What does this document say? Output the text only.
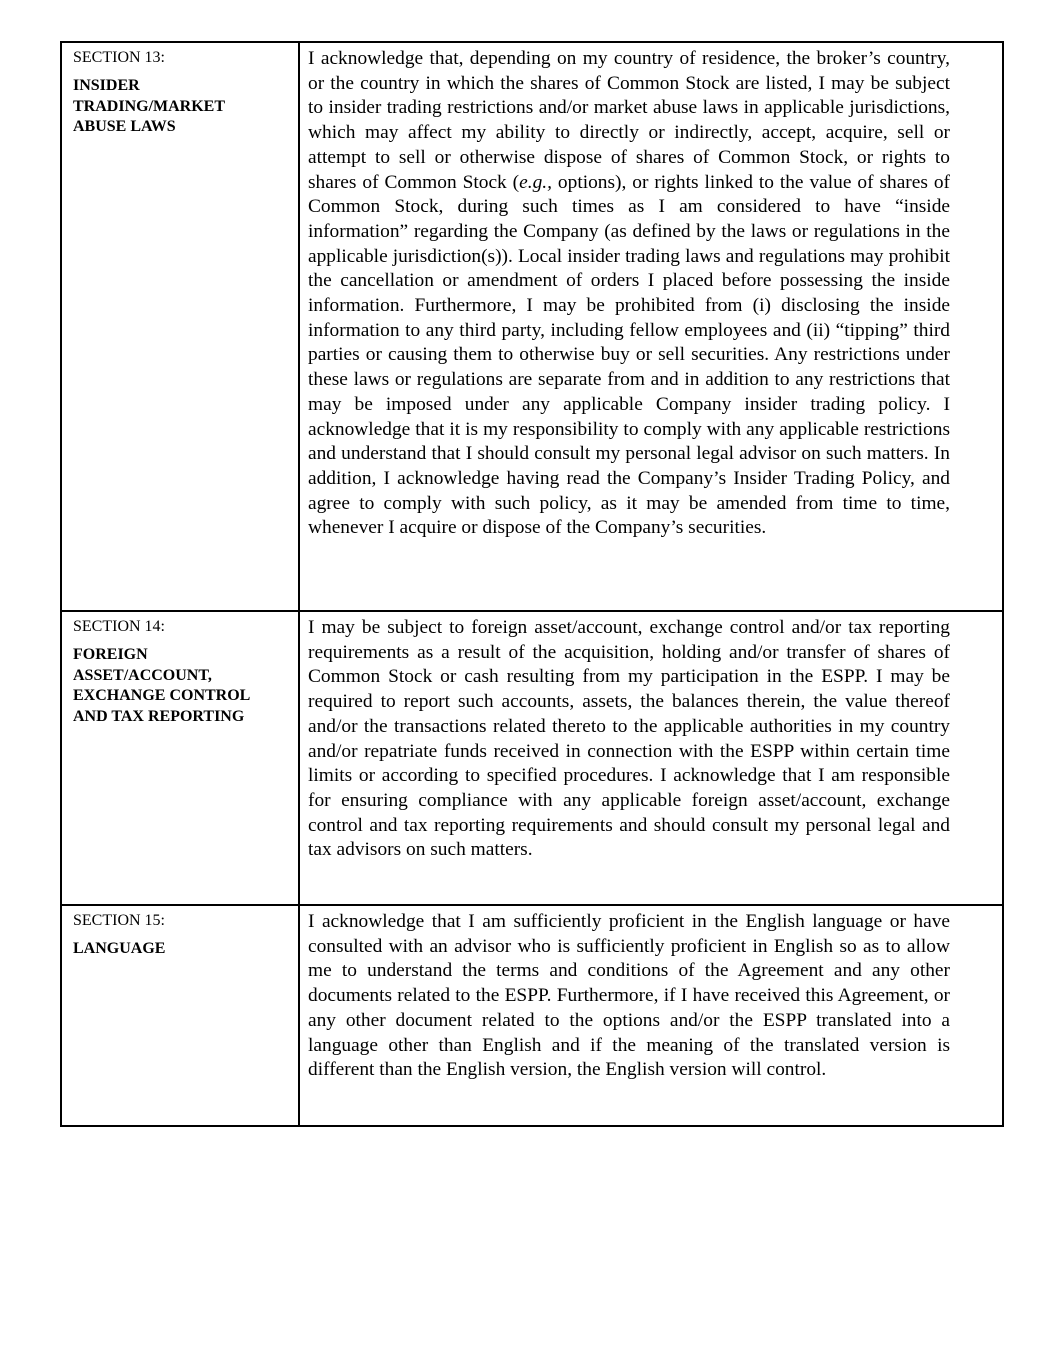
SECTION 13:

INSIDER TRADING/MARKET ABUSE LAWS	I acknowledge that, depending on my country of residence, the broker’s country, or the country in which the shares of Common Stock are listed, I may be subject to insider trading restrictions and/or market abuse laws in applicable jurisdictions, which may affect my ability to directly or indirectly, accept, acquire, sell or attempt to sell or otherwise dispose of shares of Common Stock, or rights to shares of Common Stock (e.g., options), or rights linked to the value of shares of Common Stock, during such times as I am considered to have “inside information” regarding the Company (as defined by the laws or regulations in the applicable jurisdiction(s)). Local insider trading laws and regulations may prohibit the cancellation or amendment of orders I placed before possessing the inside information. Furthermore, I may be prohibited from (i) disclosing the inside information to any third party, including fellow employees and (ii) “tipping” third parties or causing them to otherwise buy or sell securities. Any restrictions under these laws or regulations are separate from and in addition to any restrictions that may be imposed under any applicable Company insider trading policy. I acknowledge that it is my responsibility to comply with any applicable restrictions and understand that I should consult my personal legal advisor on such matters. In addition, I acknowledge having read the Company’s Insider Trading Policy, and agree to comply with such policy, as it may be amended from time to time, whenever I acquire or dispose of the Company’s securities.

SECTION 14:

FOREIGN ASSET/ACCOUNT, EXCHANGE CONTROL AND TAX REPORTING	I may be subject to foreign asset/account, exchange control and/or tax reporting requirements as a result of the acquisition, holding and/or transfer of shares of Common Stock or cash resulting from my participation in the ESPP. I may be required to report such accounts, assets, the balances therein, the value thereof and/or the transactions related thereto to the applicable authorities in my country and/or repatriate funds received in connection with the ESPP within certain time limits or according to specified procedures. I acknowledge that I am responsible for ensuring compliance with any applicable foreign asset/account, exchange control and tax reporting requirements and should consult my personal legal and tax advisors on such matters.

SECTION 15:

LANGUAGE	I acknowledge that I am sufficiently proficient in the English language or have consulted with an advisor who is sufficiently proficient in English so as to allow me to understand the terms and conditions of the Agreement and any other documents related to the ESPP. Furthermore, if I have received this Agreement, or any other document related to the options and/or the ESPP translated into a language other than English and if the meaning of the translated version is different than the English version, the English version will control.
